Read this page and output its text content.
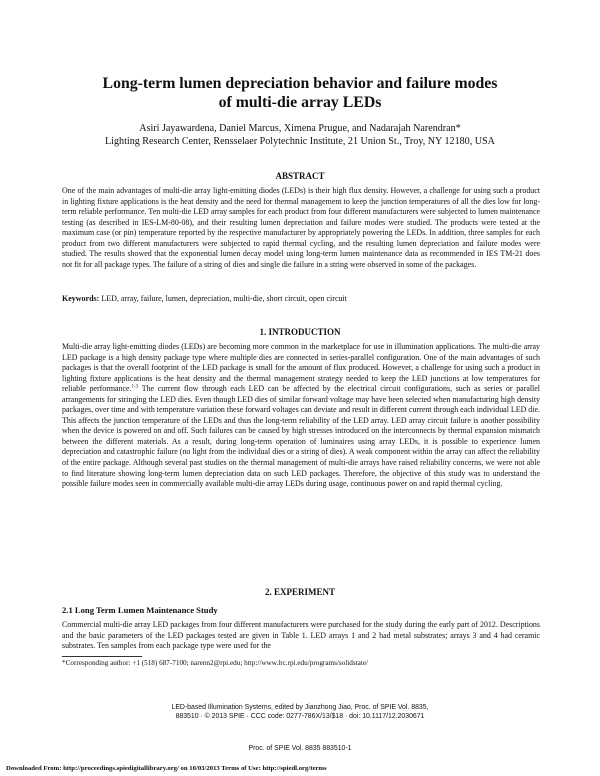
Long-term lumen depreciation behavior and failure modes
of multi-die array LEDs
Asiri Jayawardena, Daniel Marcus, Ximena Prugue, and Nadarajah Narendran*
Lighting Research Center, Rensselaer Polytechnic Institute, 21 Union St., Troy, NY 12180, USA
ABSTRACT

One of the main advantages of multi-die array light-emitting diodes (LEDs) is their high flux density. However, a challenge for using such a product in lighting fixture applications is the heat density and the need for thermal management to keep the junction temperatures of all the dies low for long-term reliable performance. Ten multi-die LED array samples for each product from four different manufacturers were subjected to lumen maintenance testing (as described in IES-LM-80-08), and their resulting lumen depreciation and failure modes were studied. The products were tested at the maximum case (or pin) temperature reported by the respective manufacturer by appropriately powering the LEDs. In addition, three samples for each product from two different manufacturers were subjected to rapid thermal cycling, and the resulting lumen depreciation and failure modes were studied. The results showed that the exponential lumen decay model using long-term lumen maintenance data as recommended in IES TM-21 does not fit for all package types. The failure of a string of dies and single die failure in a string were observed in some of the packages.

Keywords: LED, array, failure, lumen, depreciation, multi-die, short circuit, open circuit
1. INTRODUCTION

Multi-die array light-emitting diodes (LEDs) are becoming more common in the marketplace for use in illumination applications. The multi-die array LED package is a high density package type where multiple dies are connected in series-parallel configuration. One of the main advantages of such packages is that the overall footprint of the LED package is small for the amount of flux produced. However, a challenge for using such a product in lighting fixture applications is the heat density and the thermal management strategy needed to keep the LED junctions at low temperatures for reliable performance.$^{1-3}$ The current flow through each LED can be affected by the electrical circuit configurations, such as series or parallel arrangements for stringing the LED dies. Even though LED dies of similar forward voltage may have been selected when manufacturing high density packages, over time and with temperature variation these forward voltages can deviate and result in different current through each individual LED die. This affects the junction temperature of the LEDs and thus the long-term reliability of the LED array. LED array circuit failure is another possibility when the device is powered on and off. Such failures can be caused by high stresses introduced on the interconnects by thermal expansion mismatch between the different materials. As a result, during long-term operation of luminaires using array LEDs, it is possible to experience lumen depreciation and catastrophic failure (no light from the individual dies or a string of dies). A weak component within the array can affect the reliability of the entire package. Although several past studies on the thermal management of multi-die arrays have raised reliability concerns, we were not able to find literature showing long-term lumen depreciation data on such LED packages. Therefore, the objective of this study was to understand the possible failure modes seen in commercially available multi-die array LEDs during usage, continuous power on and rapid thermal cycling.

2. EXPERIMENT
2.1 Long Term Lumen Maintenance Study

Commercial multi-die array LED packages from four different manufacturers were purchased for the study during the early part of 2012. Descriptions and the basic parameters of the LED packages tested are given in Table 1. LED arrays 1 and 2 had metal substrates; arrays 3 and 4 had ceramic substrates. Ten samples from each package type were used for the

*Corresponding author: +1 (518) 687-7100; narenn2@rpi.edu; http://www.lrc.rpi.edu/programs/solidstate/
LED-based Illumination Systems, edited by Jianzhong Jiao, Proc. of SPIE Vol. 8835,
883510 · © 2013 SPIE · CCC code: 0277-786X/13/$18 · doi: 10.1117/12.2030671
Proc. of SPIE Vol. 8835 883510-1
Downloaded From: http://proceedings.spiedigitallibrary.org/ on 10/03/2013 Terms of Use: http://spiedl.org/terms
